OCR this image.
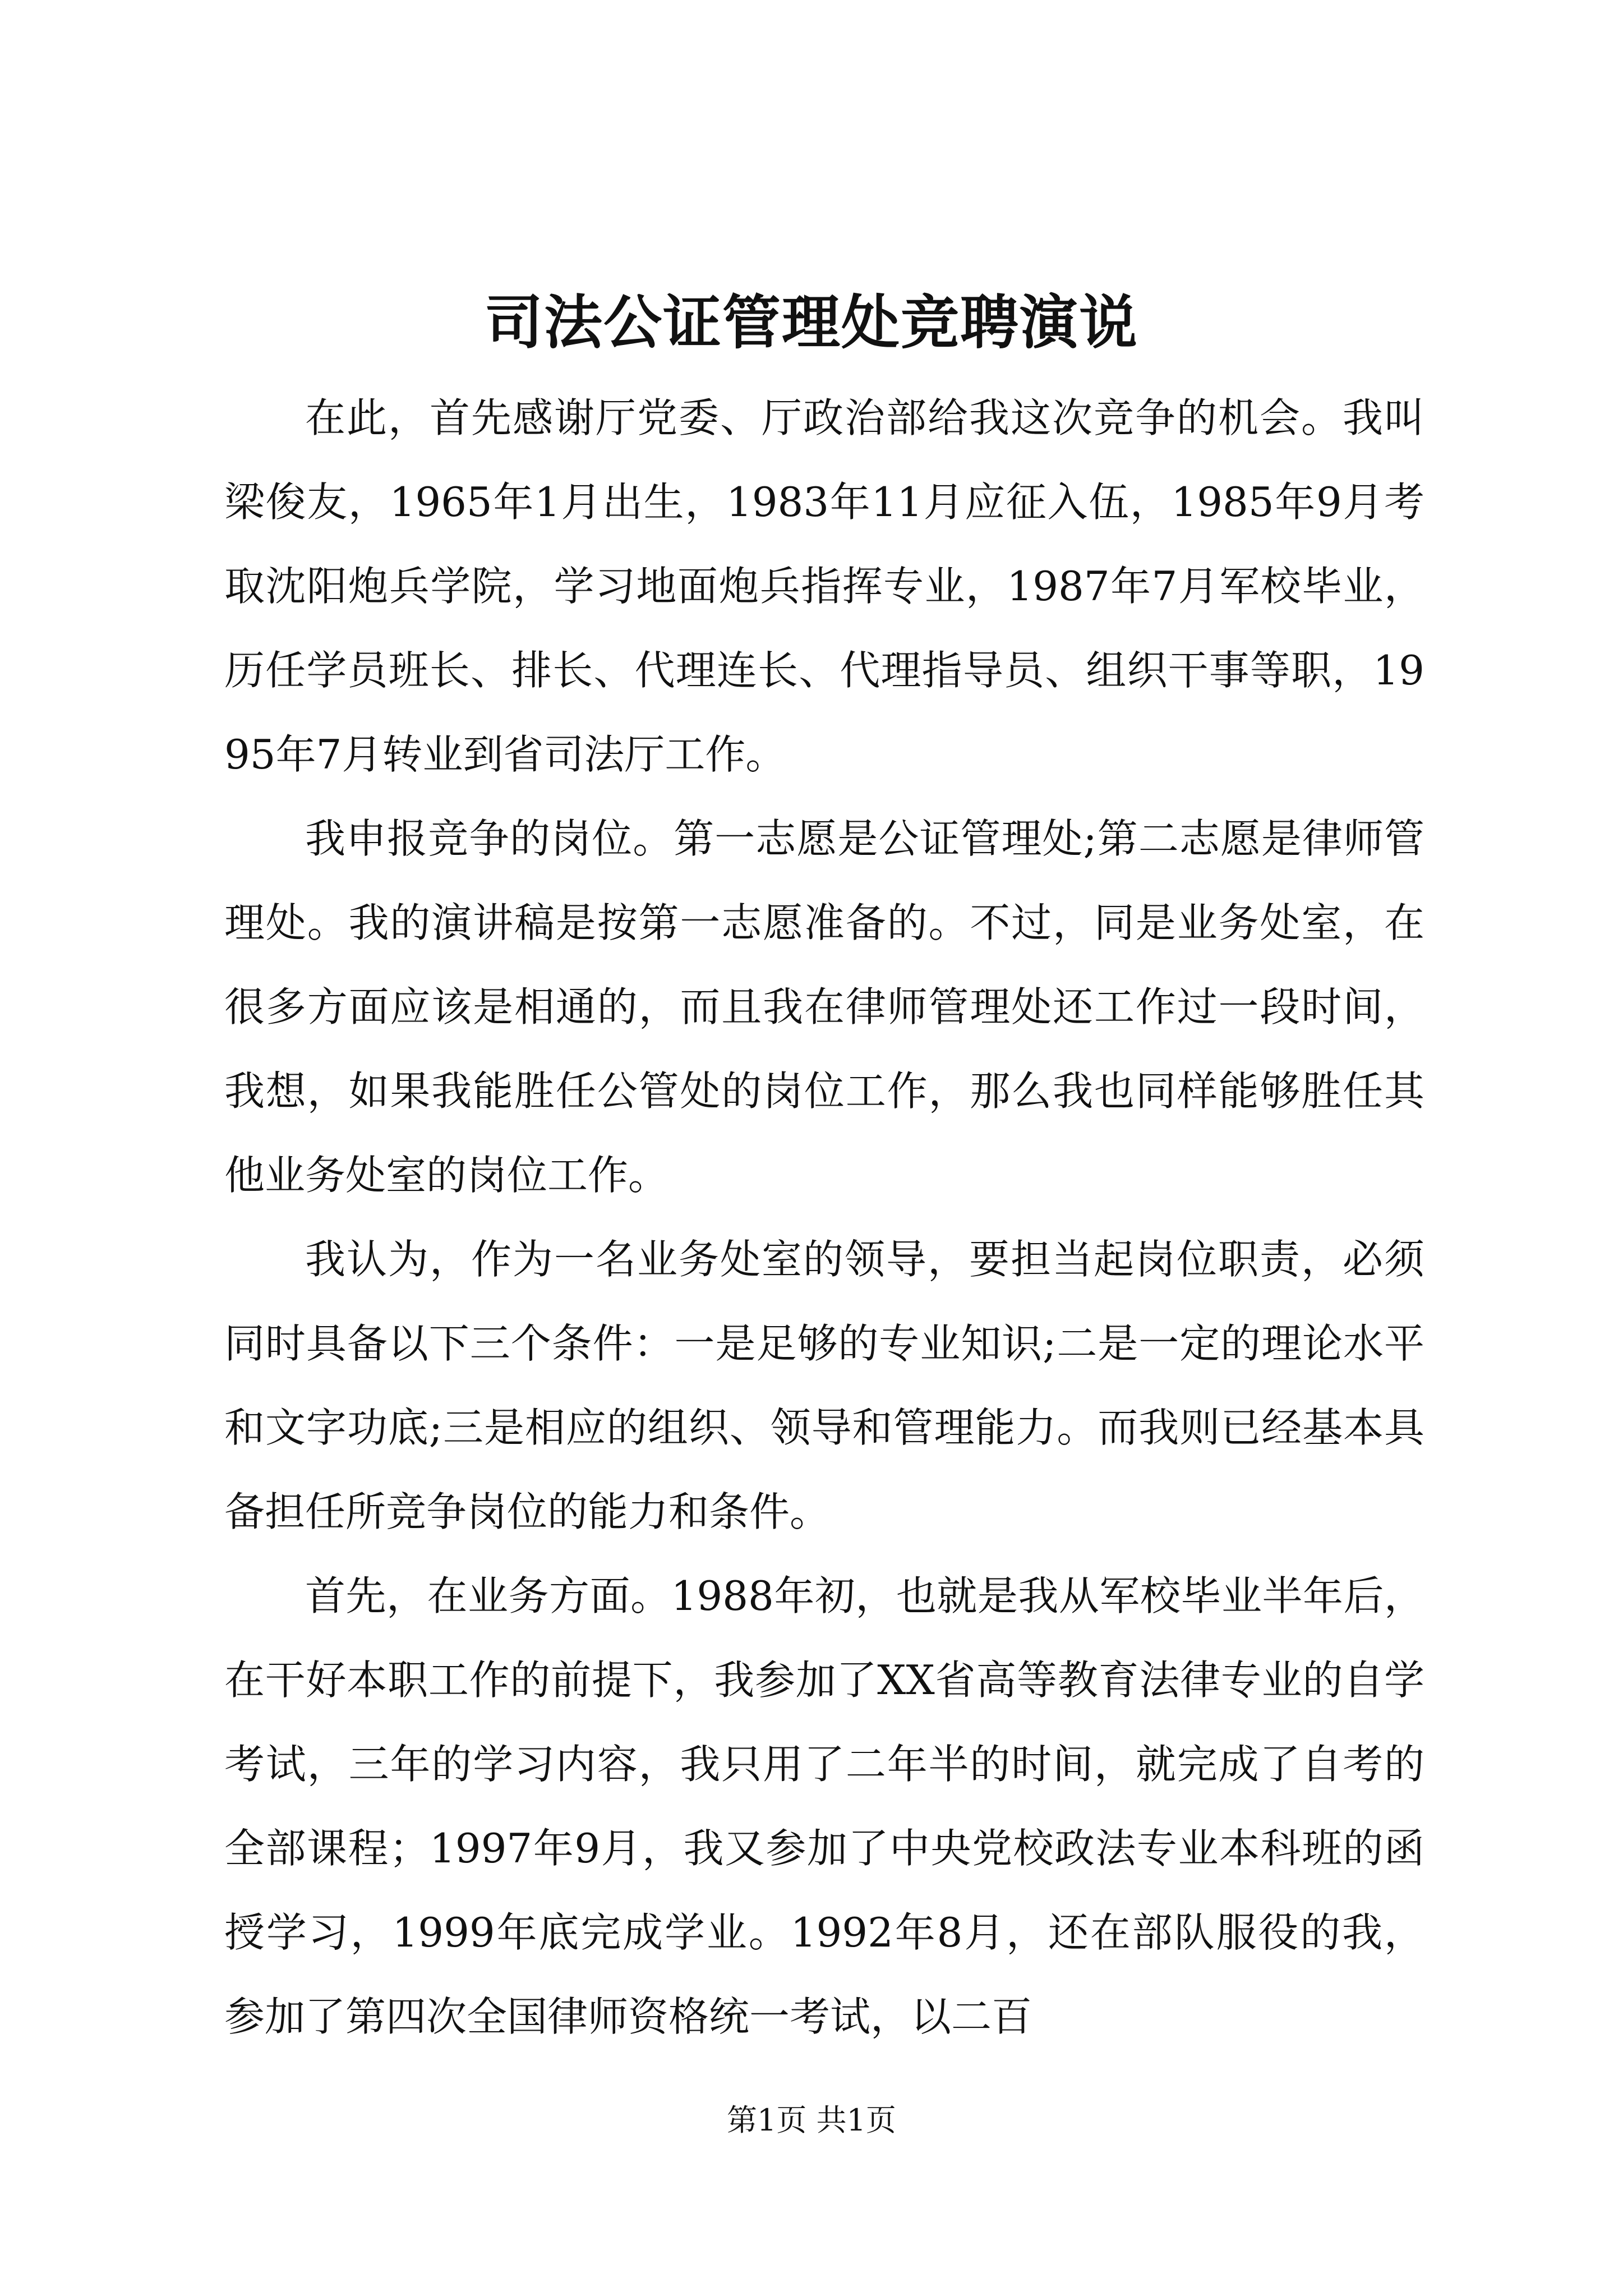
司法公证管理处竞聘演说

在此，首先感谢厅党委、厅政治部给我这次竞争的机会。我叫梁俊友，1965年1月出生，1983年11月应征入伍，1985年9月考取沈阳炮兵学院，学习地面炮兵指挥专业，1987年7月军校毕业，历任学员班长、排长、代理连长、代理指导员、组织干事等职，1995年7月转业到省司法厅工作。

我申报竞争的岗位。第一志愿是公证管理处;第二志愿是律师管理处。我的演讲稿是按第一志愿准备的。不过，同是业务处室，在很多方面应该是相通的，而且我在律师管理处还工作过一段时间，我想，如果我能胜任公管处的岗位工作，那么我也同样能够胜任其他业务处室的岗位工作。

我认为，作为一名业务处室的领导，要担当起岗位职责，必须同时具备以下三个条件：一是足够的专业知识;二是一定的理论水平和文字功底;三是相应的组织、领导和管理能力。而我则已经基本具备担任所竞争岗位的能力和条件。

首先，在业务方面。1988年初，也就是我从军校毕业半年后，在干好本职工作的前提下，我参加了XX省高等教育法律专业的自学考试，三年的学习内容，我只用了二年半的时间，就完成了自考的全部课程；1997年9月，我又参加了中央党校政法专业本科班的函授学习，1999年底完成学业。1992年8月，还在部队服役的我，参加了第四次全国律师资格统一考试，以二百

第1页 共1页
